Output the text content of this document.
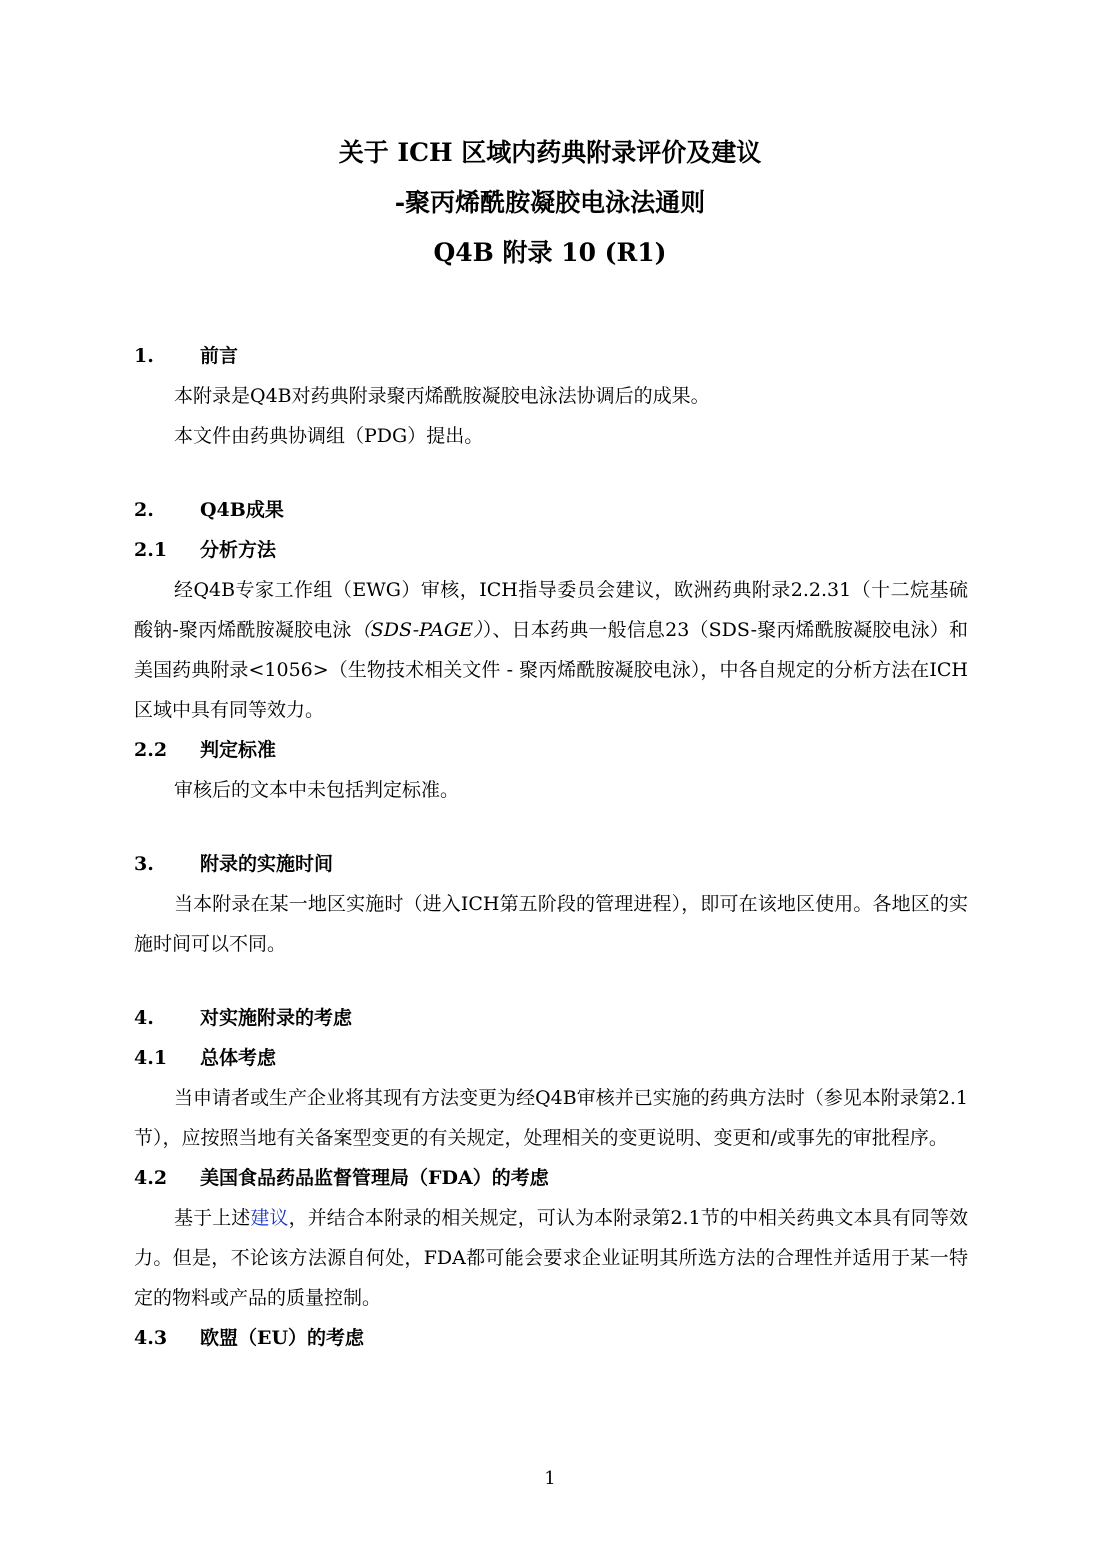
关于 ICH 区域内药典附录评价及建议
-聚丙烯酰胺凝胶电泳法通则
Q4B 附录 10 (R1)
1. 前言

本附录是Q4B对药典附录聚丙烯酰胺凝胶电泳法协调后的成果。

本文件由药典协调组（PDG）提出。

2. Q4B成果
2.1 分析方法

经Q4B专家工作组（EWG）审核，ICH指导委员会建议，欧洲药典附录2.2.31（十二烷基硫酸钠-聚丙烯酰胺凝胶电泳（SDS-PAGE））、日本药典一般信息23（SDS-聚丙烯酰胺凝胶电泳）和美国药典附录<1056>（生物技术相关文件 - 聚丙烯酰胺凝胶电泳），中各自规定的分析方法在ICH区域中具有同等效力。

2.2 判定标准

审核后的文本中未包括判定标准。

3. 附录的实施时间

当本附录在某一地区实施时（进入ICH第五阶段的管理进程），即可在该地区使用。各地区的实施时间可以不同。

4. 对实施附录的考虑
4.1 总体考虑

当申请者或生产企业将其现有方法变更为经Q4B审核并已实施的药典方法时（参见本附录第2.1节），应按照当地有关备案型变更的有关规定，处理相关的变更说明、变更和/或事先的审批程序。

4.2 美国食品药品监督管理局（FDA）的考虑

基于上述建议，并结合本附录的相关规定，可认为本附录第2.1节的中相关药典文本具有同等效力。但是，不论该方法源自何处，FDA都可能会要求企业证明其所选方法的合理性并适用于某一特定的物料或产品的质量控制。

4.3 欧盟（EU）的考虑
1
